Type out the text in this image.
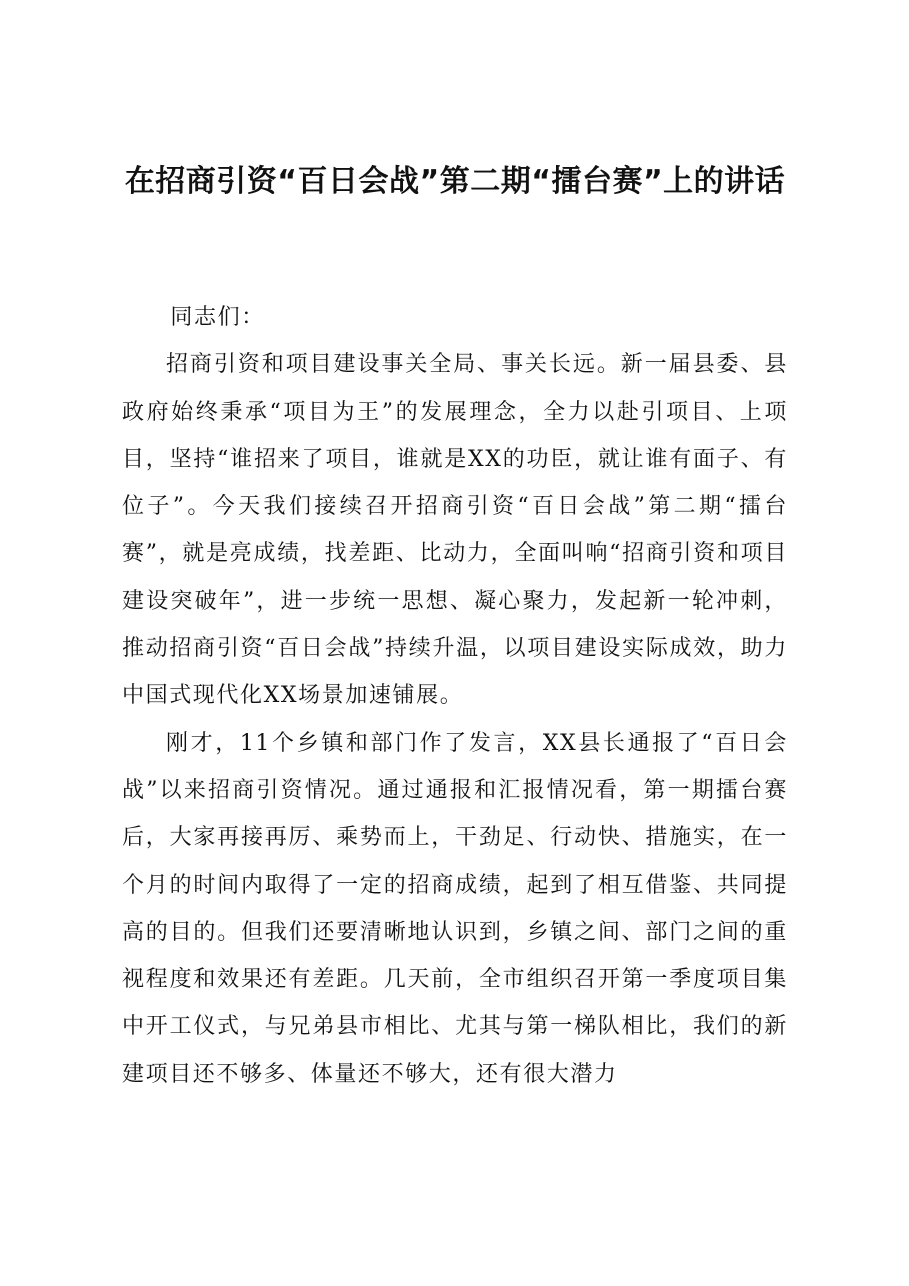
在招商引资“百日会战”第二期“擂台赛”上的讲话

同志们：

招商引资和项目建设事关全局、事关长远。新一届县委、县政府始终秉承“项目为王”的发展理念，全力以赴引项目、上项目，坚持“谁招来了项目，谁就是XX的功臣，就让谁有面子、有位子”。今天我们接续召开招商引资“百日会战”第二期“擂台赛”，就是亮成绩，找差距、比动力，全面叫响“招商引资和项目建设突破年”，进一步统一思想、凝心聚力，发起新一轮冲刺，推动招商引资“百日会战”持续升温，以项目建设实际成效，助力中国式现代化XX场景加速铺展。

刚才，11个乡镇和部门作了发言，XX县长通报了“百日会战”以来招商引资情况。通过通报和汇报情况看，第一期擂台赛后，大家再接再厉、乘势而上，干劲足、行动快、措施实，在一个月的时间内取得了一定的招商成绩，起到了相互借鉴、共同提高的目的。但我们还要清晰地认识到，乡镇之间、部门之间的重视程度和效果还有差距。几天前，全市组织召开第一季度项目集中开工仪式，与兄弟县市相比、尤其与第一梯队相比，我们的新建项目还不够多、体量还不够大，还有很大潜力
